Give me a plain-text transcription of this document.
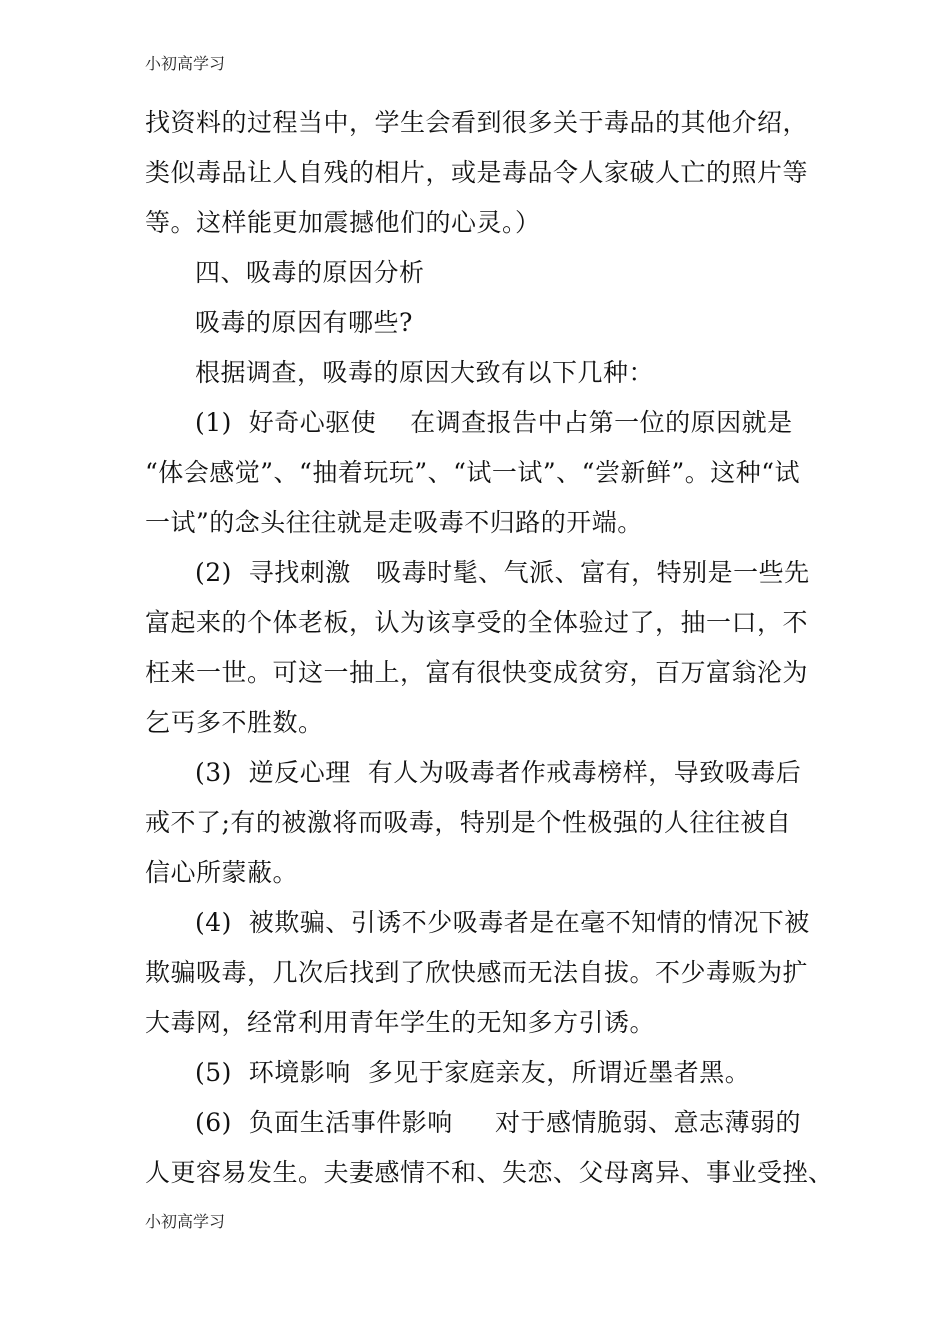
小初高学习
找资料的过程当中，学生会看到很多关于毒品的其他介绍，
类似毒品让人自残的相片，或是毒品令人家破人亡的照片等
等。这样能更加震撼他们的心灵。）
四、吸毒的原因分析
吸毒的原因有哪些?
根据调查，吸毒的原因大致有以下几种：
(1)  好奇心驱使    在调查报告中占第一位的原因就是
“体会感觉”、“抽着玩玩”、“试一试”、“尝新鲜”。这种“试
一试”的念头往往就是走吸毒不归路的开端。
(2)  寻找刺激   吸毒时髦、气派、富有，特别是一些先
富起来的个体老板，认为该享受的全体验过了，抽一口，不
枉来一世。可这一抽上，富有很快变成贫穷，百万富翁沦为
乞丐多不胜数。
(3)  逆反心理  有人为吸毒者作戒毒榜样，导致吸毒后
戒不了;有的被激将而吸毒，特别是个性极强的人往往被自
信心所蒙蔽。
(4)  被欺骗、引诱不少吸毒者是在毫不知情的情况下被
欺骗吸毒，几次后找到了欣快感而无法自拔。不少毒贩为扩
大毒网，经常利用青年学生的无知多方引诱。
(5)  环境影响  多见于家庭亲友，所谓近墨者黑。
(6)  负面生活事件影响     对于感情脆弱、意志薄弱的
人更容易发生。夫妻感情不和、失恋、父母离异、事业受挫、
小初高学习
